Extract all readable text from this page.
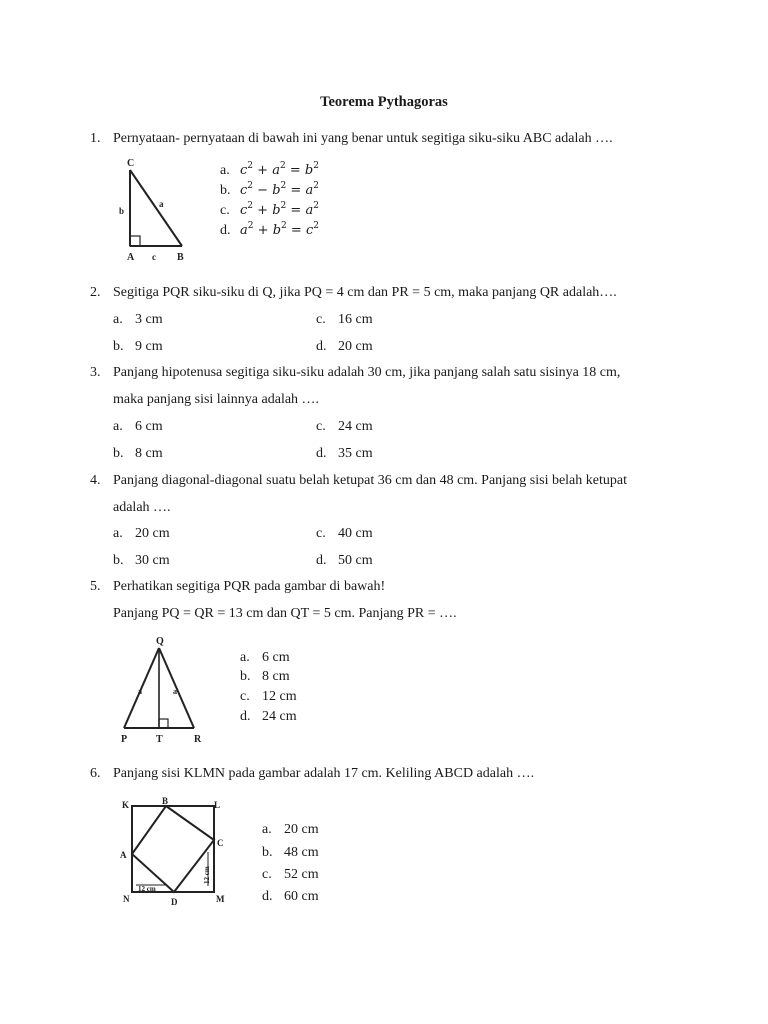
Teorema Pythagoras
1. Pernyataan- pernyataan di bawah ini yang benar untuk segitiga siku-siku ABC adalah ….
C
b
a
A c B
a. $c^2 + a^2 = b^2$
b. $c^2 - b^2 = a^2$
c. $c^2 + b^2 = a^2$
d. $a^2 + b^2 = c^2$
2. Segitiga PQR siku-siku di Q, jika PQ = 4 cm dan PR = 5 cm, maka panjang QR adalah….
a. 3 cm
b. 9 cm
c. 16 cm
d. 20 cm
3. Panjang hipotenusa segitiga siku-siku adalah 30 cm, jika panjang salah satu sisinya 18 cm,
maka panjang sisi lainnya adalah ….
a. 6 cm
b. 8 cm
c. 24 cm
d. 35 cm
4. Panjang diagonal-diagonal suatu belah ketupat 36 cm dan 48 cm. Panjang sisi belah ketupat
adalah ….
a. 20 cm
b. 30 cm
c. 40 cm
d. 50 cm
5. Perhatikan segitiga PQR pada gambar di bawah!
Panjang PQ = QR = 13 cm dan QT = 5 cm. Panjang PR = ….
Q
a	a
P	T	R
a. 6 cm
b. 8 cm
c. 12 cm
d. 24 cm
6. Panjang sisi KLMN pada gambar adalah 17 cm. Keliling ABCD adalah ….
K	B	L
A
C
N	D	M
12 cm
12 cm
a. 20 cm
b. 48 cm
c. 52 cm
d. 60 cm
